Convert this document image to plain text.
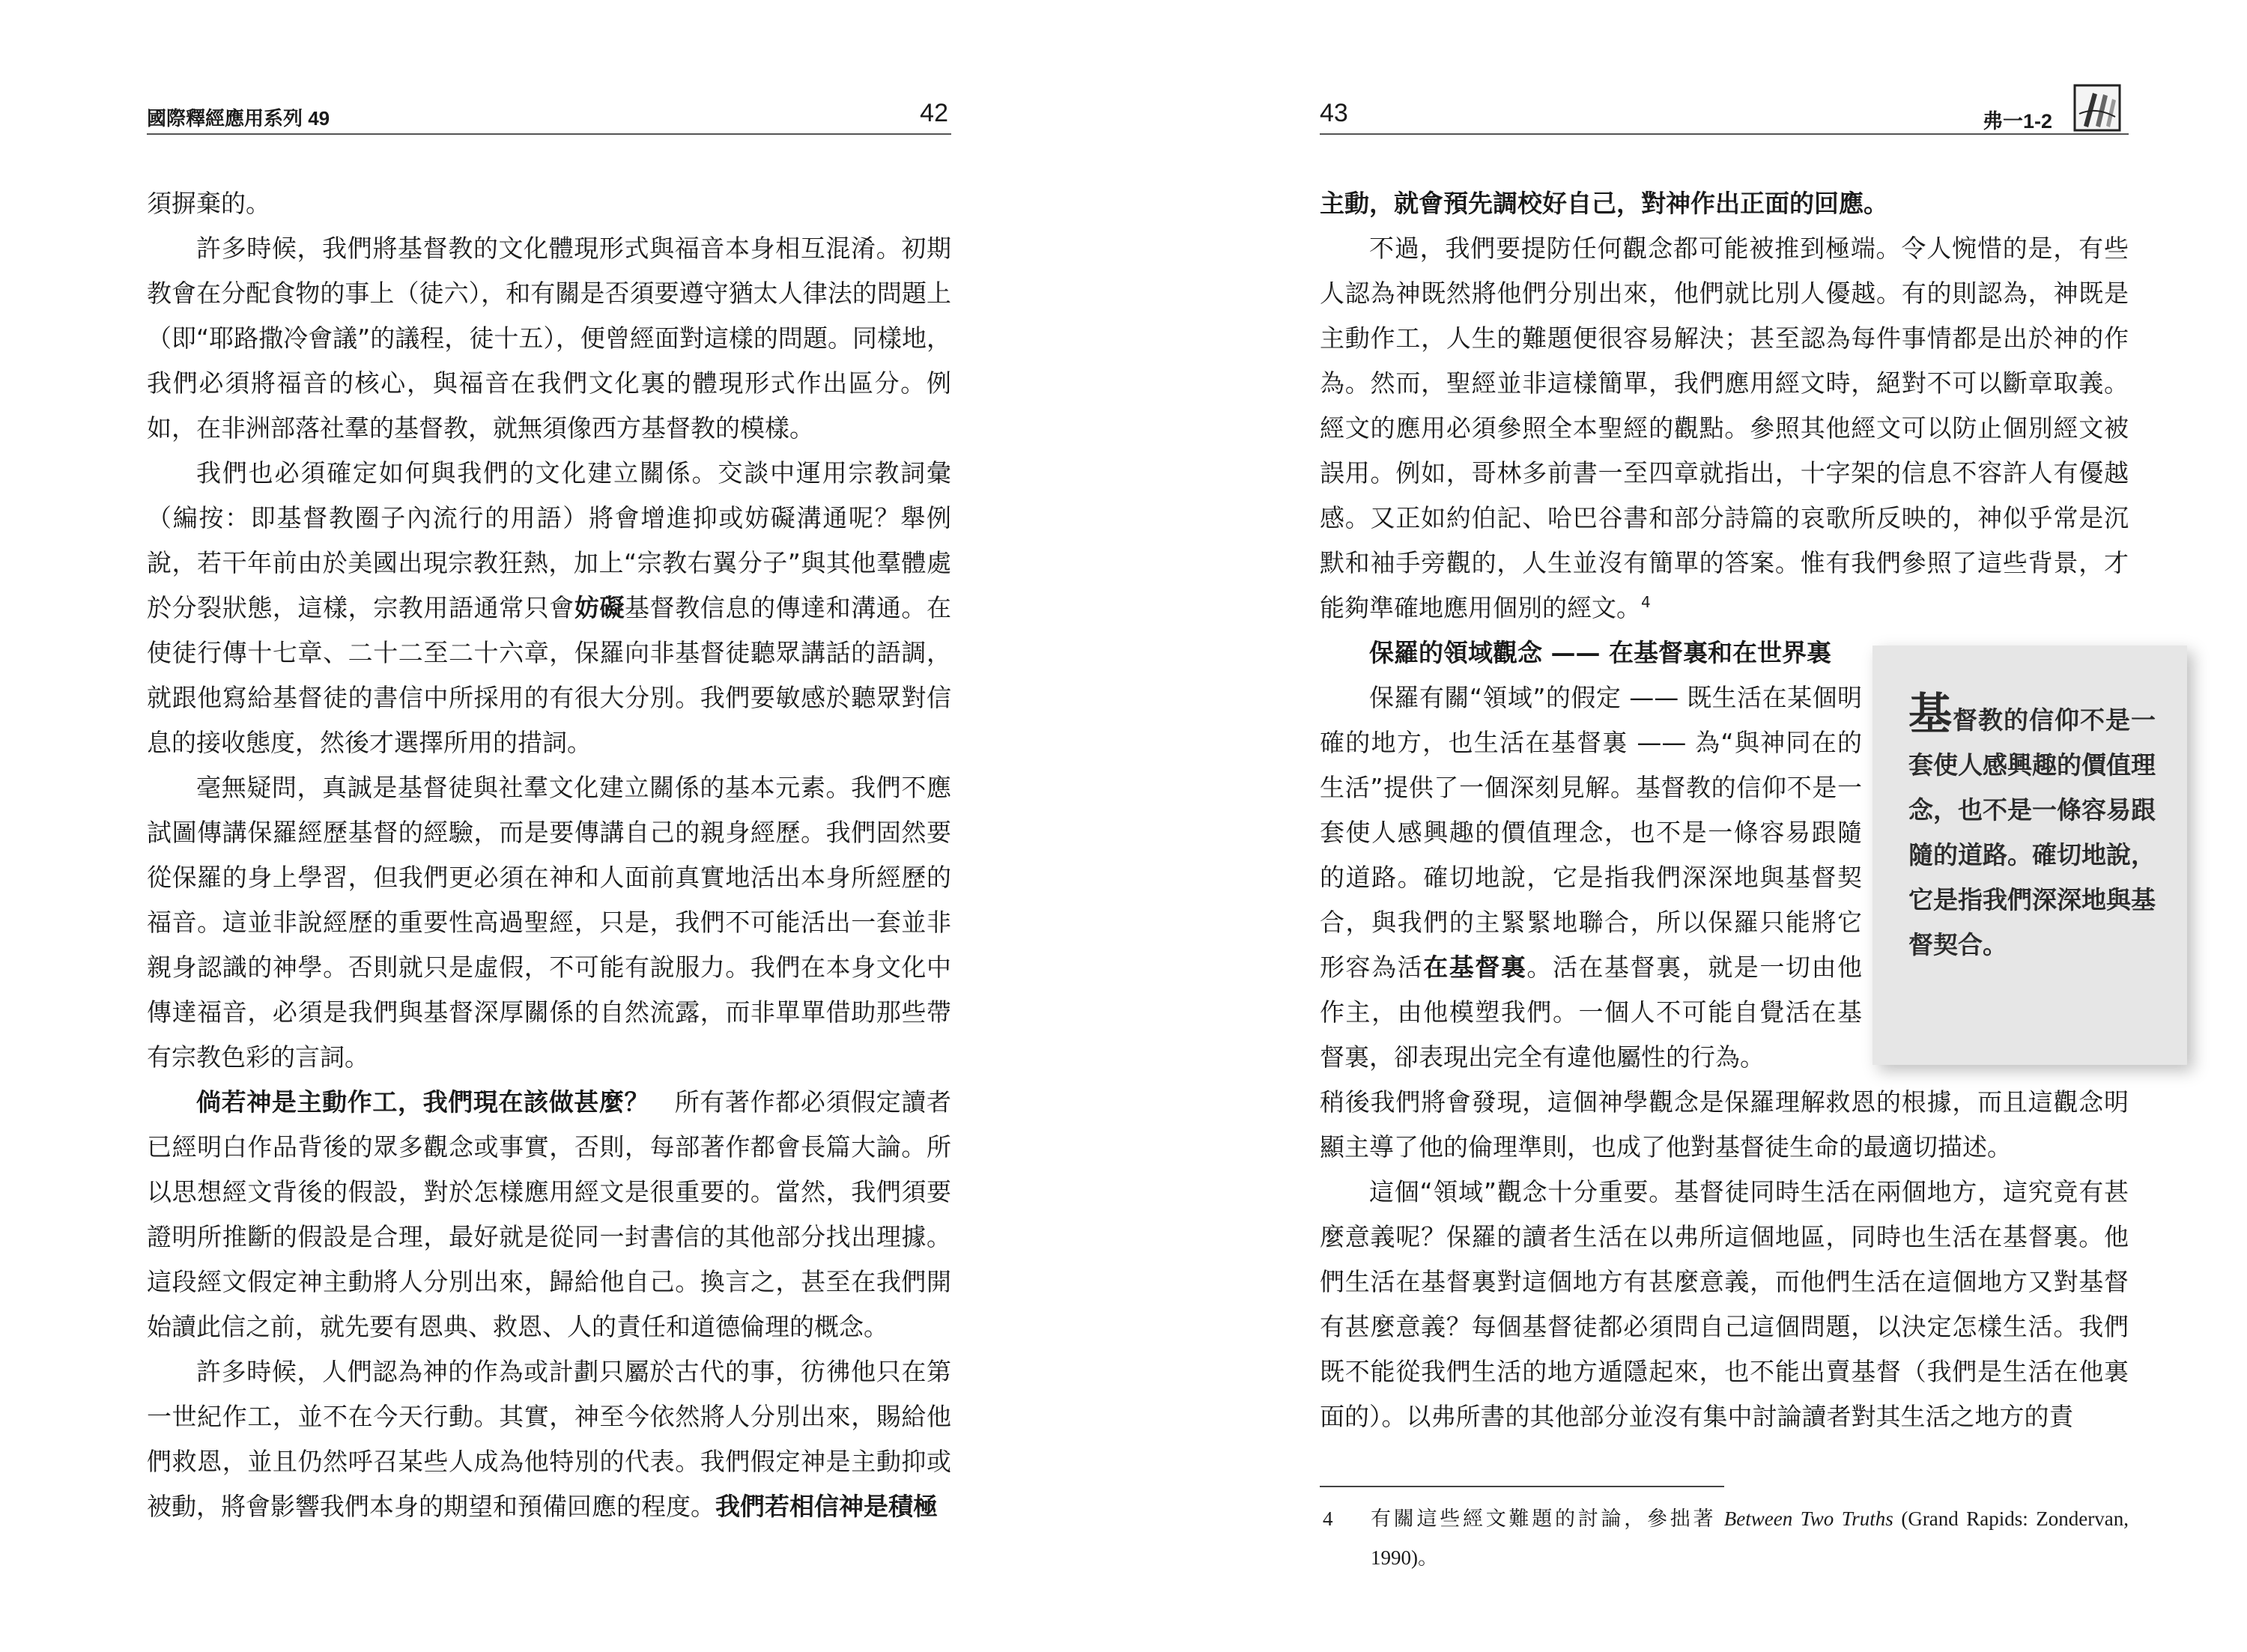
國際釋經應用系列 49	42

須摒棄的。

許多時候，我們將基督教的文化體現形式與福音本身相互混淆。初期教會在分配食物的事上（徒六），和有關是否須要遵守猶太人律法的問題上（即“耶路撒冷會議”的議程，徒十五），便曾經面對這樣的問題。同樣地，我們必須將福音的核心，與福音在我們文化裏的體現形式作出區分。例如，在非洲部落社羣的基督教，就無須像西方基督教的模樣。

我們也必須確定如何與我們的文化建立關係。交談中運用宗教詞彙（編按：即基督教圈子內流行的用語）將會增進抑或妨礙溝通呢？舉例說，若干年前由於美國出現宗教狂熱，加上“宗教右翼分子”與其他羣體處於分裂狀態，這樣，宗教用語通常只會妨礙基督教信息的傳達和溝通。在使徒行傳十七章、二十二至二十六章，保羅向非基督徒聽眾講話的語調，就跟他寫給基督徒的書信中所採用的有很大分別。我們要敏感於聽眾對信息的接收態度，然後才選擇所用的措詞。

毫無疑問，真誠是基督徒與社羣文化建立關係的基本元素。我們不應試圖傳講保羅經歷基督的經驗，而是要傳講自己的親身經歷。我們固然要從保羅的身上學習，但我們更必須在神和人面前真實地活出本身所經歷的福音。這並非說經歷的重要性高過聖經，只是，我們不可能活出一套並非親身認識的神學。否則就只是虛假，不可能有說服力。我們在本身文化中傳達福音，必須是我們與基督深厚關係的自然流露，而非單單借助那些帶有宗教色彩的言詞。

倘若神是主動作工，我們現在該做甚麼？  所有著作都必須假定讀者已經明白作品背後的眾多觀念或事實，否則，每部著作都會長篇大論。所以思想經文背後的假設，對於怎樣應用經文是很重要的。當然，我們須要證明所推斷的假設是合理，最好就是從同一封書信的其他部分找出理據。這段經文假定神主動將人分別出來，歸給他自己。換言之，甚至在我們開始讀此信之前，就先要有恩典、救恩、人的責任和道德倫理的概念。

許多時候，人們認為神的作為或計劃只屬於古代的事，彷彿他只在第一世紀作工，並不在今天行動。其實，神至今依然將人分別出來，賜給他們救恩，並且仍然呼召某些人成為他特別的代表。我們假定神是主動抑或被動，將會影響我們本身的期望和預備回應的程度。我們若相信神是積極

43	弗一1-2

主動，就會預先調校好自己，對神作出正面的回應。

不過，我們要提防任何觀念都可能被推到極端。令人惋惜的是，有些人認為神既然將他們分別出來，他們就比別人優越。有的則認為，神既是主動作工，人生的難題便很容易解決；甚至認為每件事情都是出於神的作為。然而，聖經並非這樣簡單，我們應用經文時，絕對不可以斷章取義。經文的應用必須參照全本聖經的觀點。參照其他經文可以防止個別經文被誤用。例如，哥林多前書一至四章就指出，十字架的信息不容許人有優越感。又正如約伯記、哈巴谷書和部分詩篇的哀歌所反映的，神似乎常是沉默和袖手旁觀的，人生並沒有簡單的答案。惟有我們參照了這些背景，才能夠準確地應用個別的經文。$^4$

保羅的領域觀念 —— 在基督裏和在世界裏

保羅有關“領域”的假定 —— 既生活在某個明確的地方，也生活在基督裏 —— 為“與神同在的生活”提供了一個深刻見解。基督教的信仰不是一套使人感興趣的價值理念，也不是一條容易跟隨的道路。確切地說，它是指我們深深地與基督契合，與我們的主緊緊地聯合，所以保羅只能將它形容為活在基督裏。活在基督裏，就是一切由他作主，由他模塑我們。一個人不可能自覺活在基督裏，卻表現出完全有違他屬性的行為。

基督教的信仰不是一套使人感興趣的價值理念，也不是一條容易跟隨的道路。確切地說，它是指我們深深地與基督契合。

稍後我們將會發現，這個神學觀念是保羅理解救恩的根據，而且這觀念明顯主導了他的倫理準則，也成了他對基督徒生命的最適切描述。

這個“領域”觀念十分重要。基督徒同時生活在兩個地方，這究竟有甚麼意義呢？保羅的讀者生活在以弗所這個地區，同時也生活在基督裏。他們生活在基督裏對這個地方有甚麼意義，而他們生活在這個地方又對基督有甚麼意義？每個基督徒都必須問自己這個問題，以決定怎樣生活。我們既不能從我們生活的地方遁隱起來，也不能出賣基督（我們是生活在他裏面的）。以弗所書的其他部分並沒有集中討論讀者對其生活之地方的責

4 有關這些經文難題的討論，參拙著 Between Two Truths (Grand Rapids: Zondervan, 1990)。
